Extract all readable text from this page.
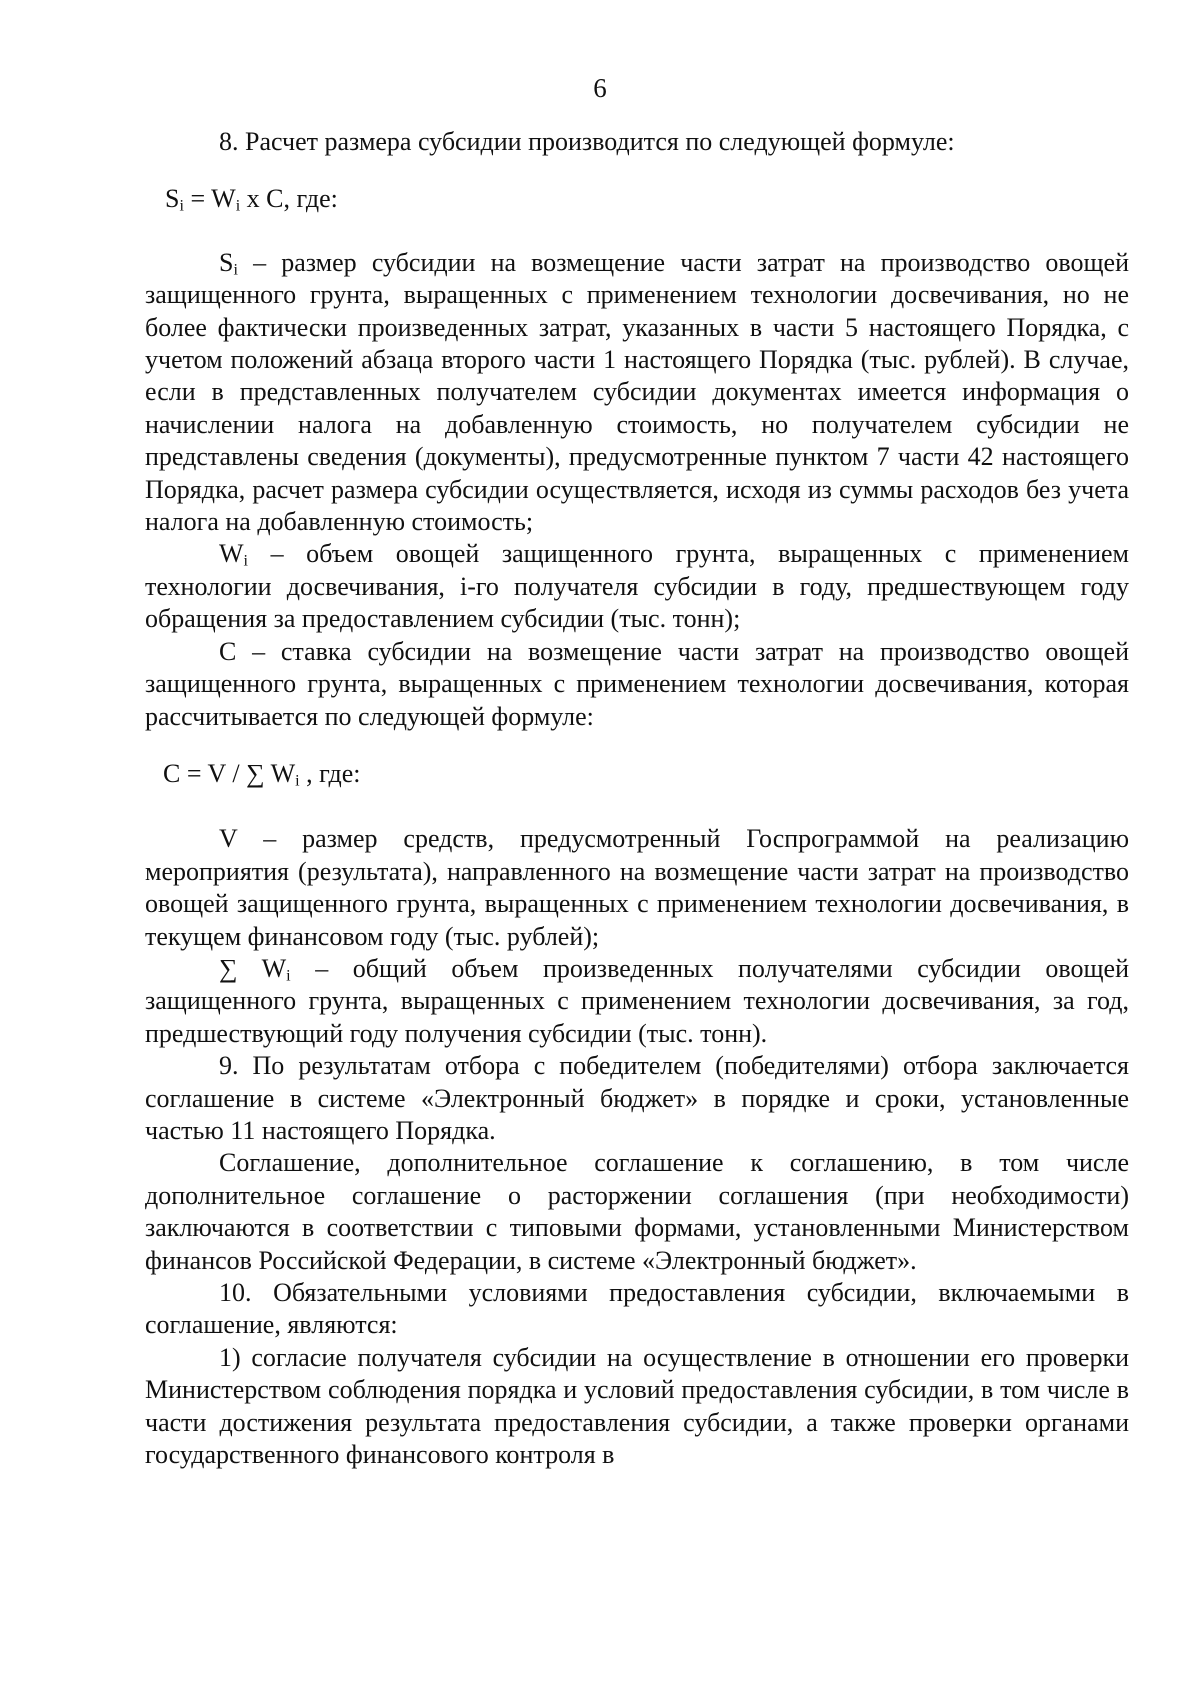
6

8. Расчет размера субсидии производится по следующей формуле:

$S_i = W_i$ x C, где:

$S_i$ – размер субсидии на возмещение части затрат на производство овощей защищенного грунта, выращенных с применением технологии досвечивания, но не более фактически произведенных затрат, указанных в части 5 настоящего Порядка, с учетом положений абзаца второго части 1 настоящего Порядка (тыс. рублей). В случае, если в представленных получателем субсидии документах имеется информация о начислении налога на добавленную стоимость, но получателем субсидии не представлены сведения (документы), предусмотренные пунктом 7 части 42 настоящего Порядка, расчет размера субсидии осуществляется, исходя из суммы расходов без учета налога на добавленную стоимость;

$W_i$ – объем овощей защищенного грунта, выращенных с применением технологии досвечивания, i-го получателя субсидии в году, предшествующем году обращения за предоставлением субсидии (тыс. тонн);

С – ставка субсидии на возмещение части затрат на производство овощей защищенного грунта, выращенных с применением технологии досвечивания, которая рассчитывается по следующей формуле:

C = V / ∑ $W_i$ , где:

V – размер средств, предусмотренный Госпрограммой на реализацию мероприятия (результата), направленного на возмещение части затрат на производство овощей защищенного грунта, выращенных с применением технологии досвечивания, в текущем финансовом году (тыс. рублей);

∑ $W_i$ – общий объем произведенных получателями субсидии овощей защищенного грунта, выращенных с применением технологии досвечивания, за год, предшествующий году получения субсидии (тыс. тонн).

9. По результатам отбора с победителем (победителями) отбора заключается соглашение в системе «Электронный бюджет» в порядке и сроки, установленные частью 11 настоящего Порядка.

Соглашение, дополнительное соглашение к соглашению, в том числе дополнительное соглашение о расторжении соглашения (при необходимости) заключаются в соответствии с типовыми формами, установленными Министерством финансов Российской Федерации, в системе «Электронный бюджет».

10. Обязательными условиями предоставления субсидии, включаемыми в соглашение, являются:

1) согласие получателя субсидии на осуществление в отношении его проверки Министерством соблюдения порядка и условий предоставления субсидии, в том числе в части достижения результата предоставления субсидии, а также проверки органами государственного финансового контроля в
